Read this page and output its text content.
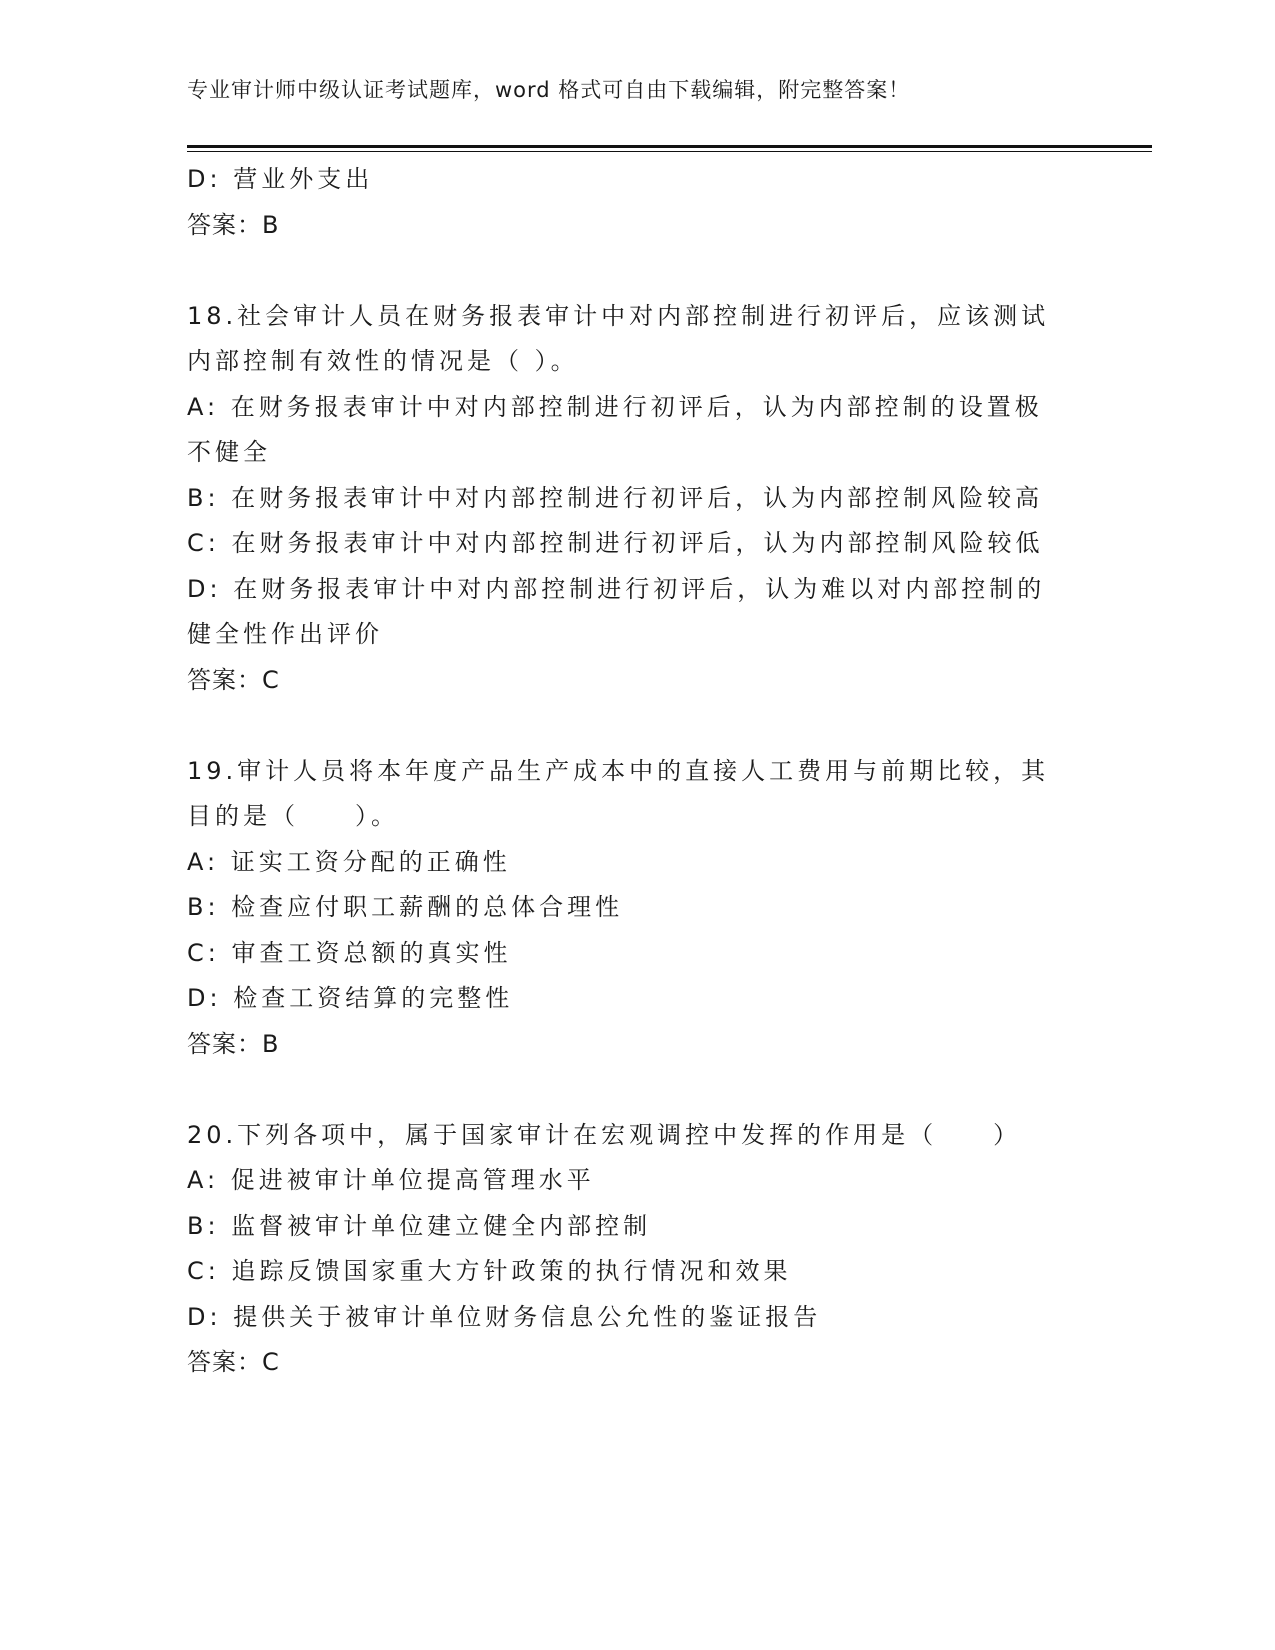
专业审计师中级认证考试题库，word 格式可自由下载编辑，附完整答案！
D: 营业外支出
答案：B
18.社会审计人员在财务报表审计中对内部控制进行初评后，应该测试
内部控制有效性的情况是（ ）。
A: 在财务报表审计中对内部控制进行初评后，认为内部控制的设置极
不健全
B: 在财务报表审计中对内部控制进行初评后，认为内部控制风险较高
C: 在财务报表审计中对内部控制进行初评后，认为内部控制风险较低
D: 在财务报表审计中对内部控制进行初评后，认为难以对内部控制的
健全性作出评价
答案：C
19.审计人员将本年度产品生产成本中的直接人工费用与前期比较，其
目的是（　　）。
A: 证实工资分配的正确性
B: 检查应付职工薪酬的总体合理性
C: 审查工资总额的真实性
D: 检查工资结算的完整性
答案：B
20.下列各项中，属于国家审计在宏观调控中发挥的作用是（　　）
A: 促进被审计单位提高管理水平
B: 监督被审计单位建立健全内部控制
C: 追踪反馈国家重大方针政策的执行情况和效果
D: 提供关于被审计单位财务信息公允性的鉴证报告
答案：C
